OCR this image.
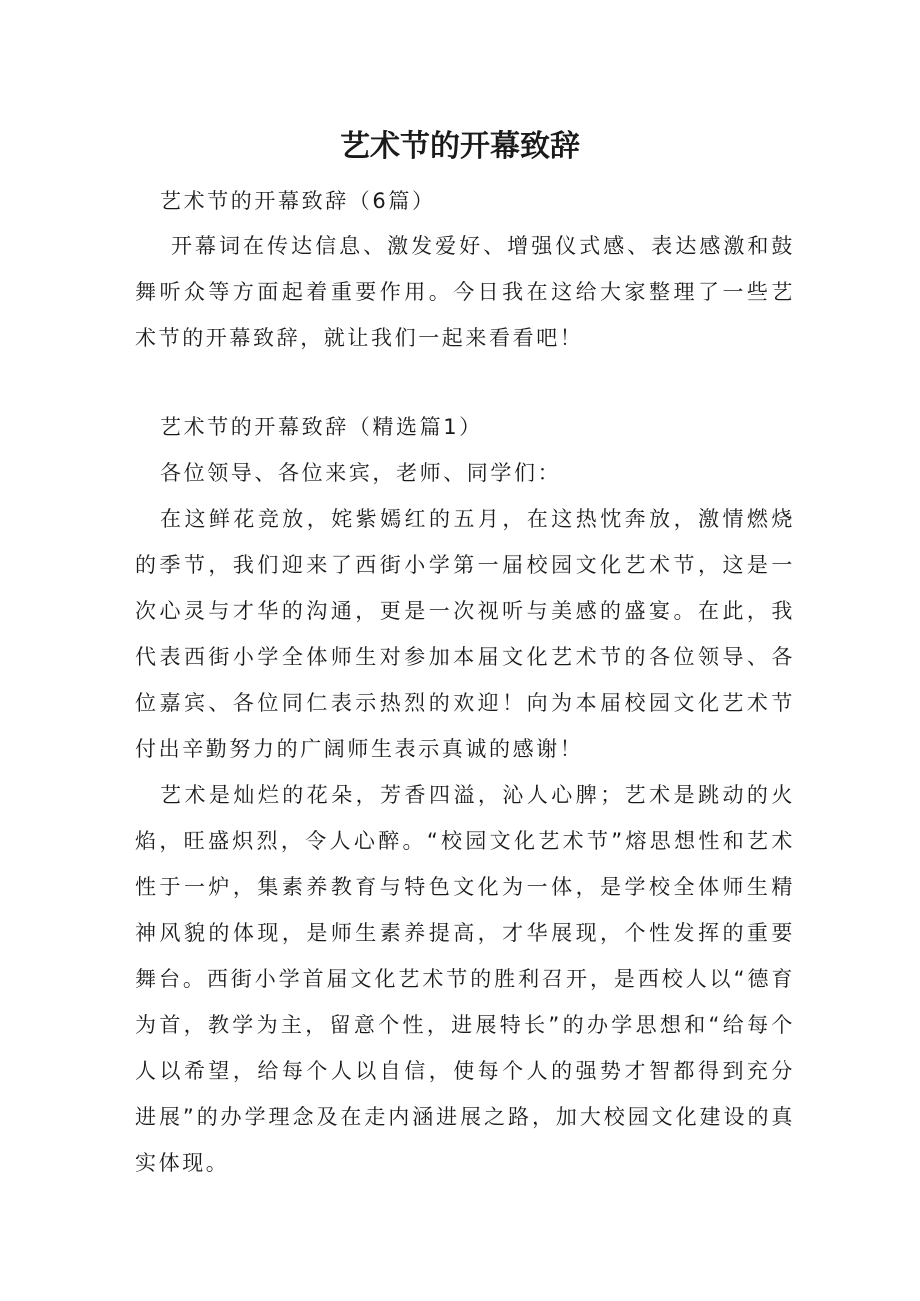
艺术节的开幕致辞

艺术节的开幕致辞（6篇）

开幕词在传达信息、激发爱好、增强仪式感、表达感激和鼓舞听众等方面起着重要作用。今日我在这给大家整理了一些艺术节的开幕致辞，就让我们一起来看看吧！

艺术节的开幕致辞（精选篇1）

各位领导、各位来宾，老师、同学们：

在这鲜花竞放，姹紫嫣红的五月，在这热忱奔放，激情燃烧的季节，我们迎来了西街小学第一届校园文化艺术节，这是一次心灵与才华的沟通，更是一次视听与美感的盛宴。在此，我代表西街小学全体师生对参加本届文化艺术节的各位领导、各位嘉宾、各位同仁表示热烈的欢迎！向为本届校园文化艺术节付出辛勤努力的广阔师生表示真诚的感谢！

艺术是灿烂的花朵，芳香四溢，沁人心脾；艺术是跳动的火焰，旺盛炽烈，令人心醉。“校园文化艺术节”熔思想性和艺术性于一炉，集素养教育与特色文化为一体，是学校全体师生精神风貌的体现，是师生素养提高，才华展现，个性发挥的重要舞台。西街小学首届文化艺术节的胜利召开，是西校人以“德育为首，教学为主，留意个性，进展特长”的办学思想和“给每个人以希望，给每个人以自信，使每个人的强势才智都得到充分进展”的办学理念及在走内涵进展之路，加大校园文化建设的真实体现。
